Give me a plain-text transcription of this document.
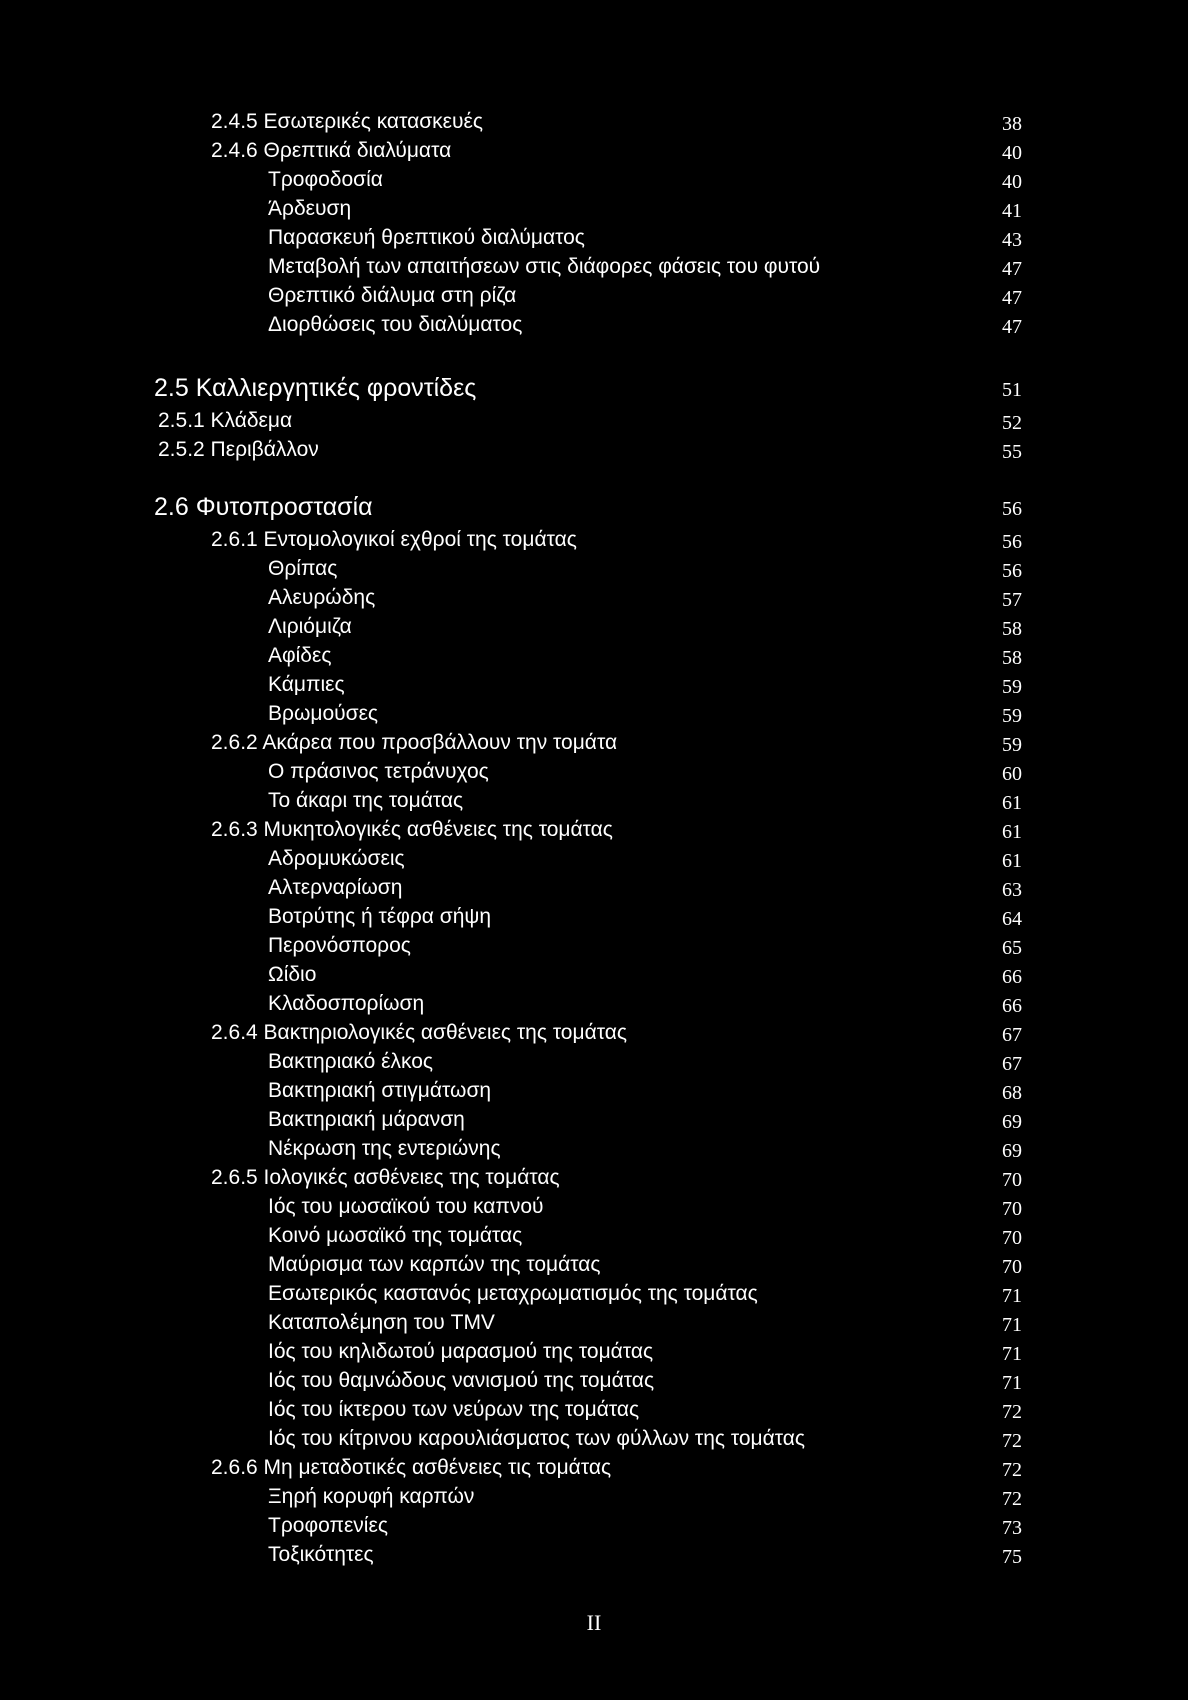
2.4.5 Εσωτερικές κατασκευές	38
2.4.6 Θρεπτικά διαλύματα	40
Τροφοδοσία	40
Άρδευση	41
Παρασκευή θρεπτικού διαλύματος	43
Μεταβολή των απαιτήσεων στις διάφορες φάσεις του φυτού	47
Θρεπτικό διάλυμα στη ρίζα	47
Διορθώσεις του διαλύματος	47
2.5 Καλλιεργητικές φροντίδες	51
2.5.1 Κλάδεμα	52
2.5.2 Περιβάλλον	55
2.6 Φυτοπροστασία	56
2.6.1 Εντομολογικοί εχθροί της τομάτας	56
Θρίπας	56
Αλευρώδης	57
Λιριόμιζα	58
Αφίδες	58
Κάμπιες	59
Βρωμούσες	59
2.6.2 Ακάρεα που προσβάλλουν την τομάτα	59
Ο πράσινος τετράνυχος	60
Το άκαρι της τομάτας	61
2.6.3 Μυκητολογικές ασθένειες της τομάτας	61
Αδρομυκώσεις	61
Αλτερναρίωση	63
Βοτρύτης ή τέφρα σήψη	64
Περονόσπορος	65
Ωίδιο	66
Κλαδοσπορίωση	66
2.6.4 Βακτηριολογικές ασθένειες της τομάτας	67
Βακτηριακό έλκος	67
Βακτηριακή στιγμάτωση	68
Βακτηριακή μάρανση	69
Νέκρωση της εντεριώνης	69
2.6.5 Ιολογικές ασθένειες της τομάτας	70
Ιός του μωσαϊκού του καπνού	70
Κοινό μωσαϊκό της τομάτας	70
Μαύρισμα των καρπών της τομάτας	70
Εσωτερικός καστανός μεταχρωματισμός της τομάτας	71
Καταπολέμηση του TMV	71
Ιός του κηλιδωτού μαρασμού της τομάτας	71
Ιός του θαμνώδους νανισμού της τομάτας	71
Ιός του ίκτερου των νεύρων της τομάτας	72
Ιός του κίτρινου καρουλιάσματος των φύλλων της τομάτας	72
2.6.6 Μη μεταδοτικές ασθένειες τις τομάτας	72
Ξηρή κορυφή καρπών	72
Τροφοπενίες	73
Τοξικότητες	75
II
